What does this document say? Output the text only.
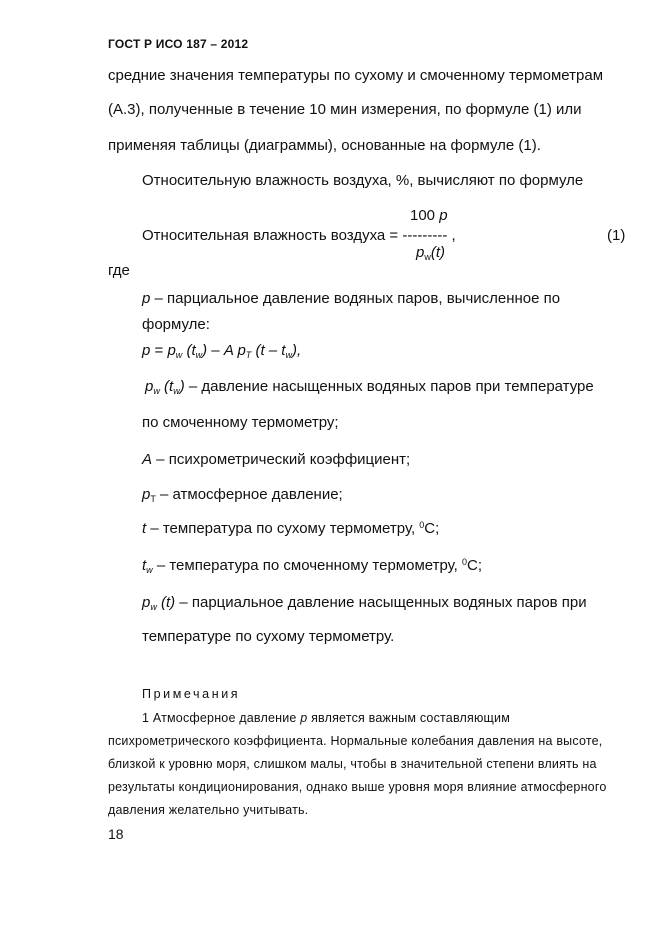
ГОСТ Р ИСО 187 – 2012
средние значения температуры по сухому и смоченному термометрам
(А.3), полученные в течение 10 мин измерения, по формуле (1) или
применяя таблицы (диаграммы), основанные на формуле (1).
Относительную влажность воздуха, %, вычисляют по формуле
100 p
Относительная влажность воздуха = --------- ,	(1)
$p_w(t)$
где
p – парциальное давление водяных паров, вычисленное по
формуле:
$p = p_w$ $(t_w)$ – A $p_T$ $(t - t_w)$,
$p_w$ $(t_w)$ – давление насыщенных водяных паров при температуре
по смоченному термометру;
A – психрометрический коэффициент;
$p_T$ – атмосферное давление;
t – температура по сухому термометру, $^0$С;
$t_w$ – температура по смоченному термометру, $^0$С;
$p_w$ (t) – парциальное давление насыщенных водяных паров при
температуре по сухому термометру.
Примечания
1 Атмосферное давление p является важным составляющим
психрометрического коэффициента. Нормальные колебания давления на высоте,
близкой к уровню моря, слишком малы, чтобы в значительной степени влиять на
результаты кондиционирования, однако выше уровня моря влияние атмосферного
давления желательно учитывать.
18
